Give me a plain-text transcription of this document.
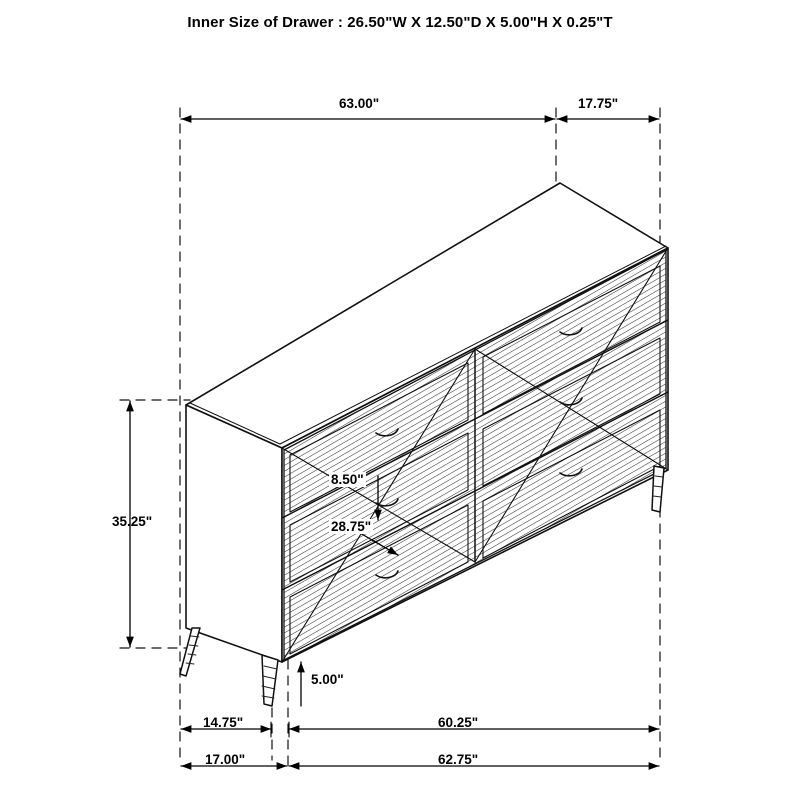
Inner Size of Drawer : 26.50"W X 12.50"D X 5.00"H X 0.25"T
63.00"	17.75"
35.25"
8.50"
28.75"
5.00"
14.75"	60.25"
17.00"	62.75"
